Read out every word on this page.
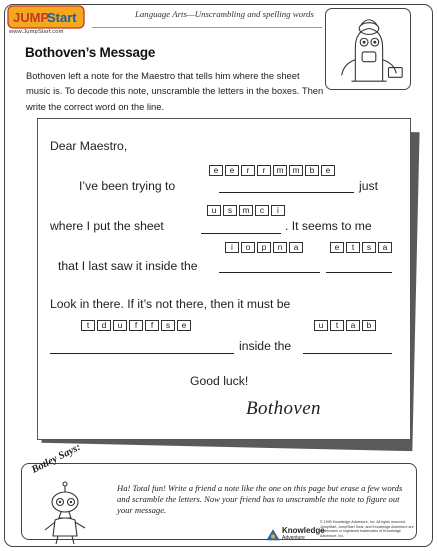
JUMP
Start
www.JumpStart.com
Language Arts—Unscrambling and spelling words
Bothoven’s Message
Bothoven left a note for the Maestro that tells him where the sheet music is. To decode this note, unscramble the letters in the boxes. Then write the correct word on the line.
Dear Maestro,
e	e	r	r	m	m	b	e
I’ve been trying to	just
u	s	m	c	i
where I put the sheet	. It seems to me
i	o	p	n	a	e	t	s	a
that I last saw it inside the
Look in there. If it’s not there, then it must be
t	d	u	f	f	s	e	u	t	a	b
inside the
Good luck!
Bothoven
Botley Says:
Ha! Total fun! Write a friend a note like the one on this page but erase a few words and scramble the letters. Now your friend has to unscramble the note to figure out your message.
Knowledge
Adventure
© 1995 Knowledge Adventure, Inc. All rights reserved. JumpStart, JumpStart Gear, and Knowledge Adventure are trademarks or registered trademarks of Knowledge Adventure, Inc.
